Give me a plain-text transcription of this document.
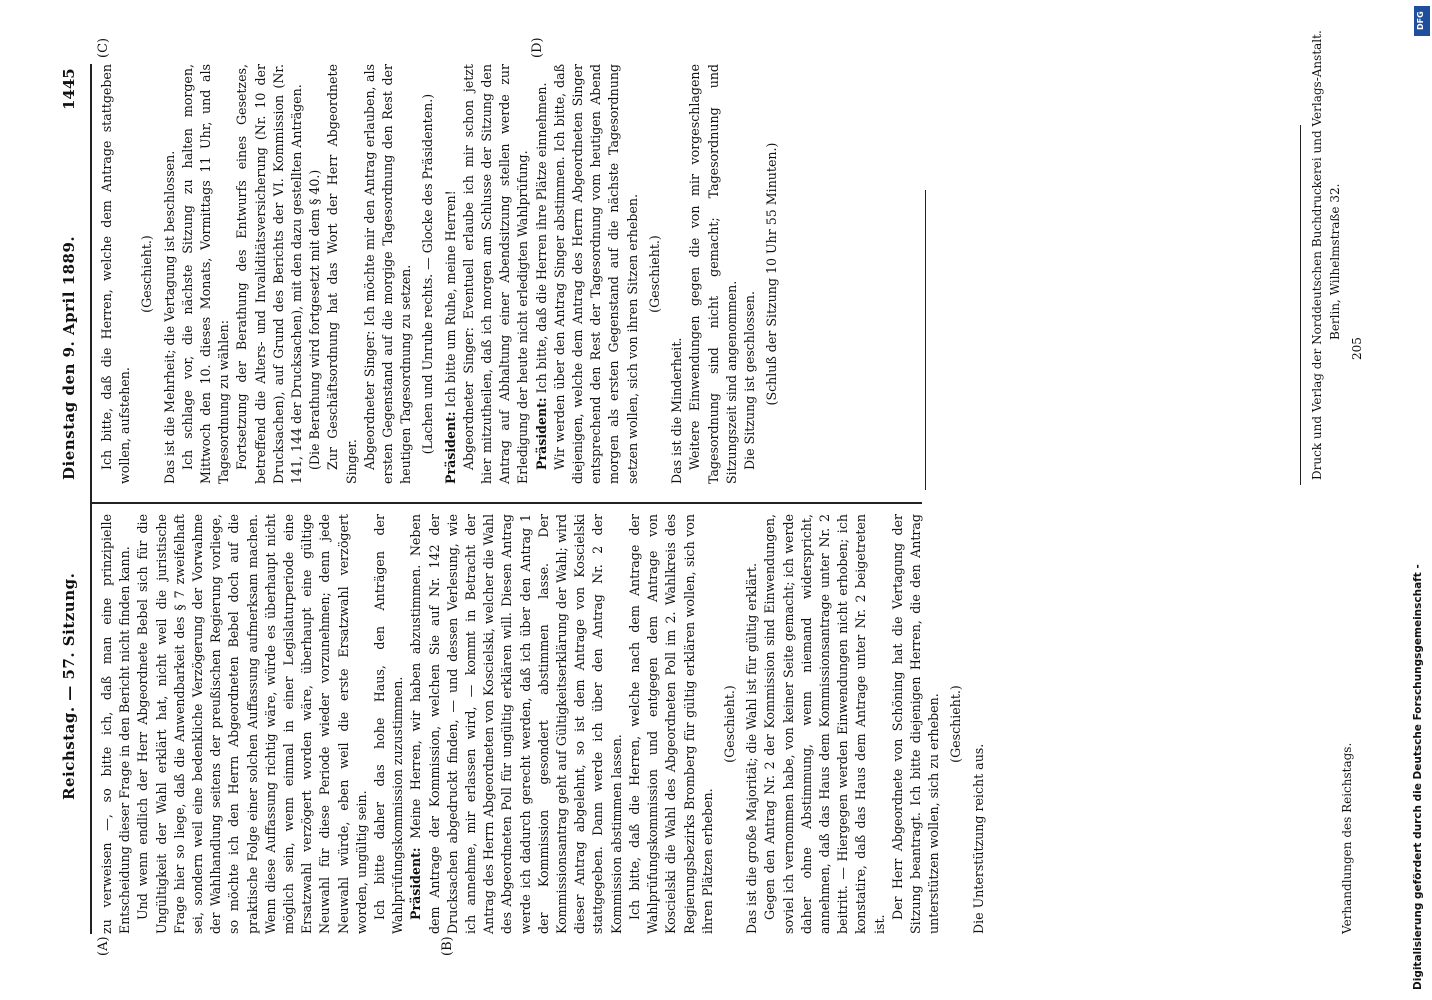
Reichstag. — 57. Sitzung.
Dienstag den 9. April 1889.
1445
(A)	(B)
(C)	(D)

zu verweisen —, so bitte ich, daß man eine prinzipielle Entscheidung dieser Frage in den Bericht nicht finden kann. Und wenn endlich der Herr Abgeordnete Bebel sich für die Ungültigkeit der Wahl erklärt hat, nicht weil die juristische Frage hier so liege, daß die Anwendbarkeit des § 7 zweifelhaft sei, sondern weil eine bedenkliche Verzögerung der Vorwahme der Wahlhandlung seitens der preußischen Regierung vorliege, so möchte ich den Herrn Abgeordneten Bebel doch auf die praktische Folge einer solchen Auffassung aufmerksam machen. Wenn diese Auffassung richtig wäre, würde es überhaupt nicht möglich sein, wenn einmal in einer Legislaturperiode eine Ersatzwahl verzögert worden wäre, überhaupt eine gültige Neuwahl für diese Periode wieder vorzunehmen; denn jede Neuwahl würde, eben weil die erste Ersatzwahl verzögert worden, ungültig sein. Ich bitte daher das hohe Haus, den Anträgen der Wahlprüfungskommission zuzustimmen. Präsident: Meine Herren, wir haben abzustimmen. Neben dem Antrage der Kommission, welchen Sie auf Nr. 142 der Drucksachen abgedruckt finden, — und dessen Verlesung, wie ich annehme, mir erlassen wird, — kommt in Betracht der Antrag des Herrn Abgeordneten von Koscielski, welcher die Wahl des Abgeordneten Poll für ungültig erklären will. Diesen Antrag werde ich dadurch gerecht werden, daß ich über den Antrag 1 der Kommission gesondert abstimmen lasse. Der Kommissionsantrag geht auf Gültigkeitserklärung der Wahl; wird dieser Antrag abgelehnt, so ist dem Antrage von Koscielski stattgegeben. Dann werde ich über den Antrag Nr. 2 der Kommission abstimmen lassen. Ich bitte, daß die Herren, welche nach dem Antrage der Wahlprüfungskommission und entgegen dem Antrage von Koscielski die Wahl des Abgeordneten Poll im 2. Wahlkreis des Regierungsbezirks Bromberg für gültig erklären wollen, sich von ihren Plätzen erheben.

(Geschieht.) Das ist die große Majorität; die Wahl ist für gültig erklärt. Gegen den Antrag Nr. 2 der Kommission sind Einwendungen, soviel ich vernommen habe, von keiner Seite gemacht; ich werde daher ohne Abstimmung, wenn niemand widerspricht, annehmen, daß das Haus dem Kommissionsantrage unter Nr. 2 beitritt. — Hiergegen werden Einwendungen nicht erhoben; ich konstatire, daß das Haus dem Antrage unter Nr. 2 beigetreten ist.

Der Herr Abgeordnete von Schöning hat die Vertagung der Sitzung beantragt. Ich bitte diejenigen Herren, die den Antrag unterstützen wollen, sich zu erheben. (Geschieht.)

Die Unterstützung reicht aus.

Ich bitte, daß die Herren, welche dem Antrage stattgeben wollen, aufstehen.

(Geschieht.) Das ist die Mehrheit; die Vertagung ist beschlossen. Ich schlage vor, die nächste Sitzung zu halten morgen, Mittwoch den 10. dieses Monats, Vormittags 11 Uhr, und als Tagesordnung zu wählen: Fortsetzung der Berathung des Entwurfs eines Gesetzes, betreffend die Alters- und Invaliditätsversicherung (Nr. 10 der Drucksachen), auf Grund des Berichts der VI. Kommission (Nr. 141, 144 der Drucksachen), mit den dazu gestellten Anträgen. (Die Berathung wird fortgesetzt mit dem § 40.) Zur Geschäftsordnung hat das Wort der Herr Abgeordnete Singer. Abgeordneter Singer: Ich möchte mir den Antrag erlauben, als ersten Gegenstand auf die morgige Tagesordnung den Rest der heutigen Tagesordnung zu setzen. (Lachen und Unruhe rechts. — Glocke des Präsidenten.) Präsident: Ich bitte um Ruhe, meine Herren! Abgeordneter Singer: Eventuell erlaube ich mir schon jetzt hier mitzutheilen, daß ich morgen am Schlusse der Sitzung den Antrag auf Abhaltung einer Abendsitzung stellen werde zur Erledigung der heute nicht erledigten Wahlprüfung. Präsident: Ich bitte, daß die Herren ihre Plätze einnehmen. Wir werden über den Antrag Singer abstimmen. Ich bitte, daß diejenigen, welche dem Antrag des Herrn Abgeordneten Singer entsprechend den Rest der Tagesordnung vom heutigen Abend morgen als ersten Gegenstand auf die nächste Tagesordnung setzen wollen, sich von ihren Sitzen erheben. (Geschieht.)

Das ist die Minderheit. Weitere Einwendungen gegen die von mir vorgeschlagene Tagesordnung sind nicht gemacht; Tagesordnung und Sitzungszeit sind angenommen. Die Sitzung ist geschlossen. (Schluß der Sitzung 10 Uhr 55 Minuten.)

Verhandlungen des Reichstags.
Druck und Verlag der Norddeutschen Buchdruckerei und Verlags-Anstalt. Berlin, Wilhelmstraße 32.
205
DFG
Digitalisierung gefördert durch die Deutsche Forschungsgemeinschaft -
